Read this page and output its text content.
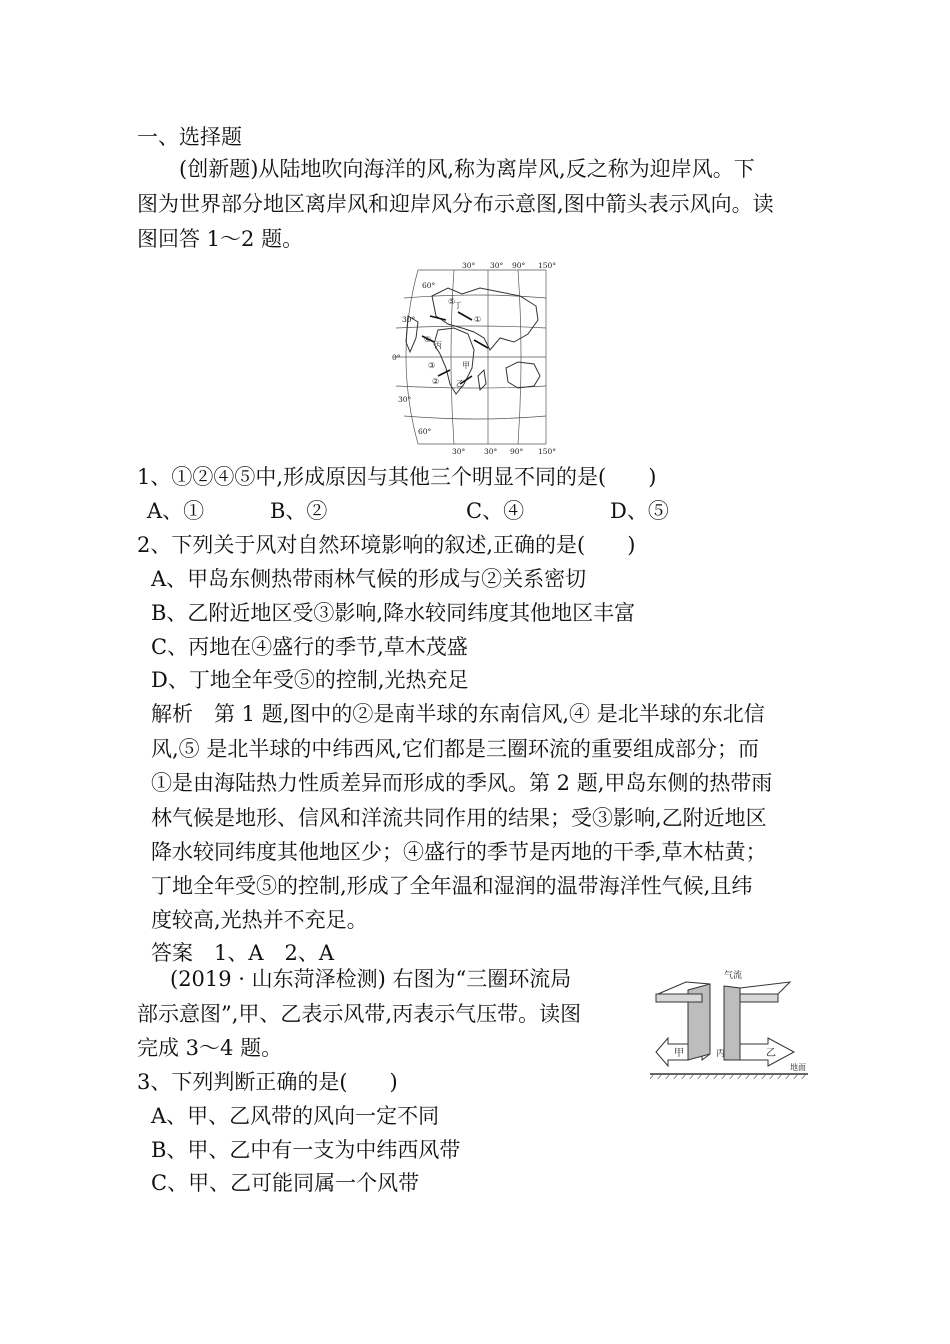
一、选择题
(创新题)从陆地吹向海洋的风,称为离岸风,反之称为迎岸风。下
图为世界部分地区离岸风和迎岸风分布示意图,图中箭头表示风向。读
图回答 1～2 题。
30° 30° 90° 150°
30° 30° 90° 150°
60°
30°
0°
30°
60°
甲
乙
丙
丁
①
②
③
④
⑤
1、①②④⑤中,形成原因与其他三个明显不同的是(　　)
A、①	B、②	C、④	D、⑤
2、下列关于风对自然环境影响的叙述,正确的是(　　)
A、甲岛东侧热带雨林气候的形成与②关系密切
B、乙附近地区受③影响,降水较同纬度其他地区丰富
C、丙地在④盛行的季节,草木茂盛
D、丁地全年受⑤的控制,光热充足
解析　第 1 题,图中的②是南半球的东南信风,④ 是北半球的东北信
风,⑤ 是北半球的中纬西风,它们都是三圈环流的重要组成部分；而
①是由海陆热力性质差异而形成的季风。第 2 题,甲岛东侧的热带雨
林气候是地形、信风和洋流共同作用的结果；受③影响,乙附近地区
降水较同纬度其他地区少；④盛行的季节是丙地的干季,草木枯黄；
丁地全年受⑤的控制,形成了全年温和湿润的温带海洋性气候,且纬
度较高,光热并不充足。
答案　1、A　2、A
(2019 · 山东菏泽检测) 右图为“三圈环流局
部示意图”,甲、乙表示风带,丙表示气压带。读图
完成 3～4 题。
气流
甲	丙	乙
地面
3、下列判断正确的是(　　)
A、甲、乙风带的风向一定不同
B、甲、乙中有一支为中纬西风带
C、甲、乙可能同属一个风带
